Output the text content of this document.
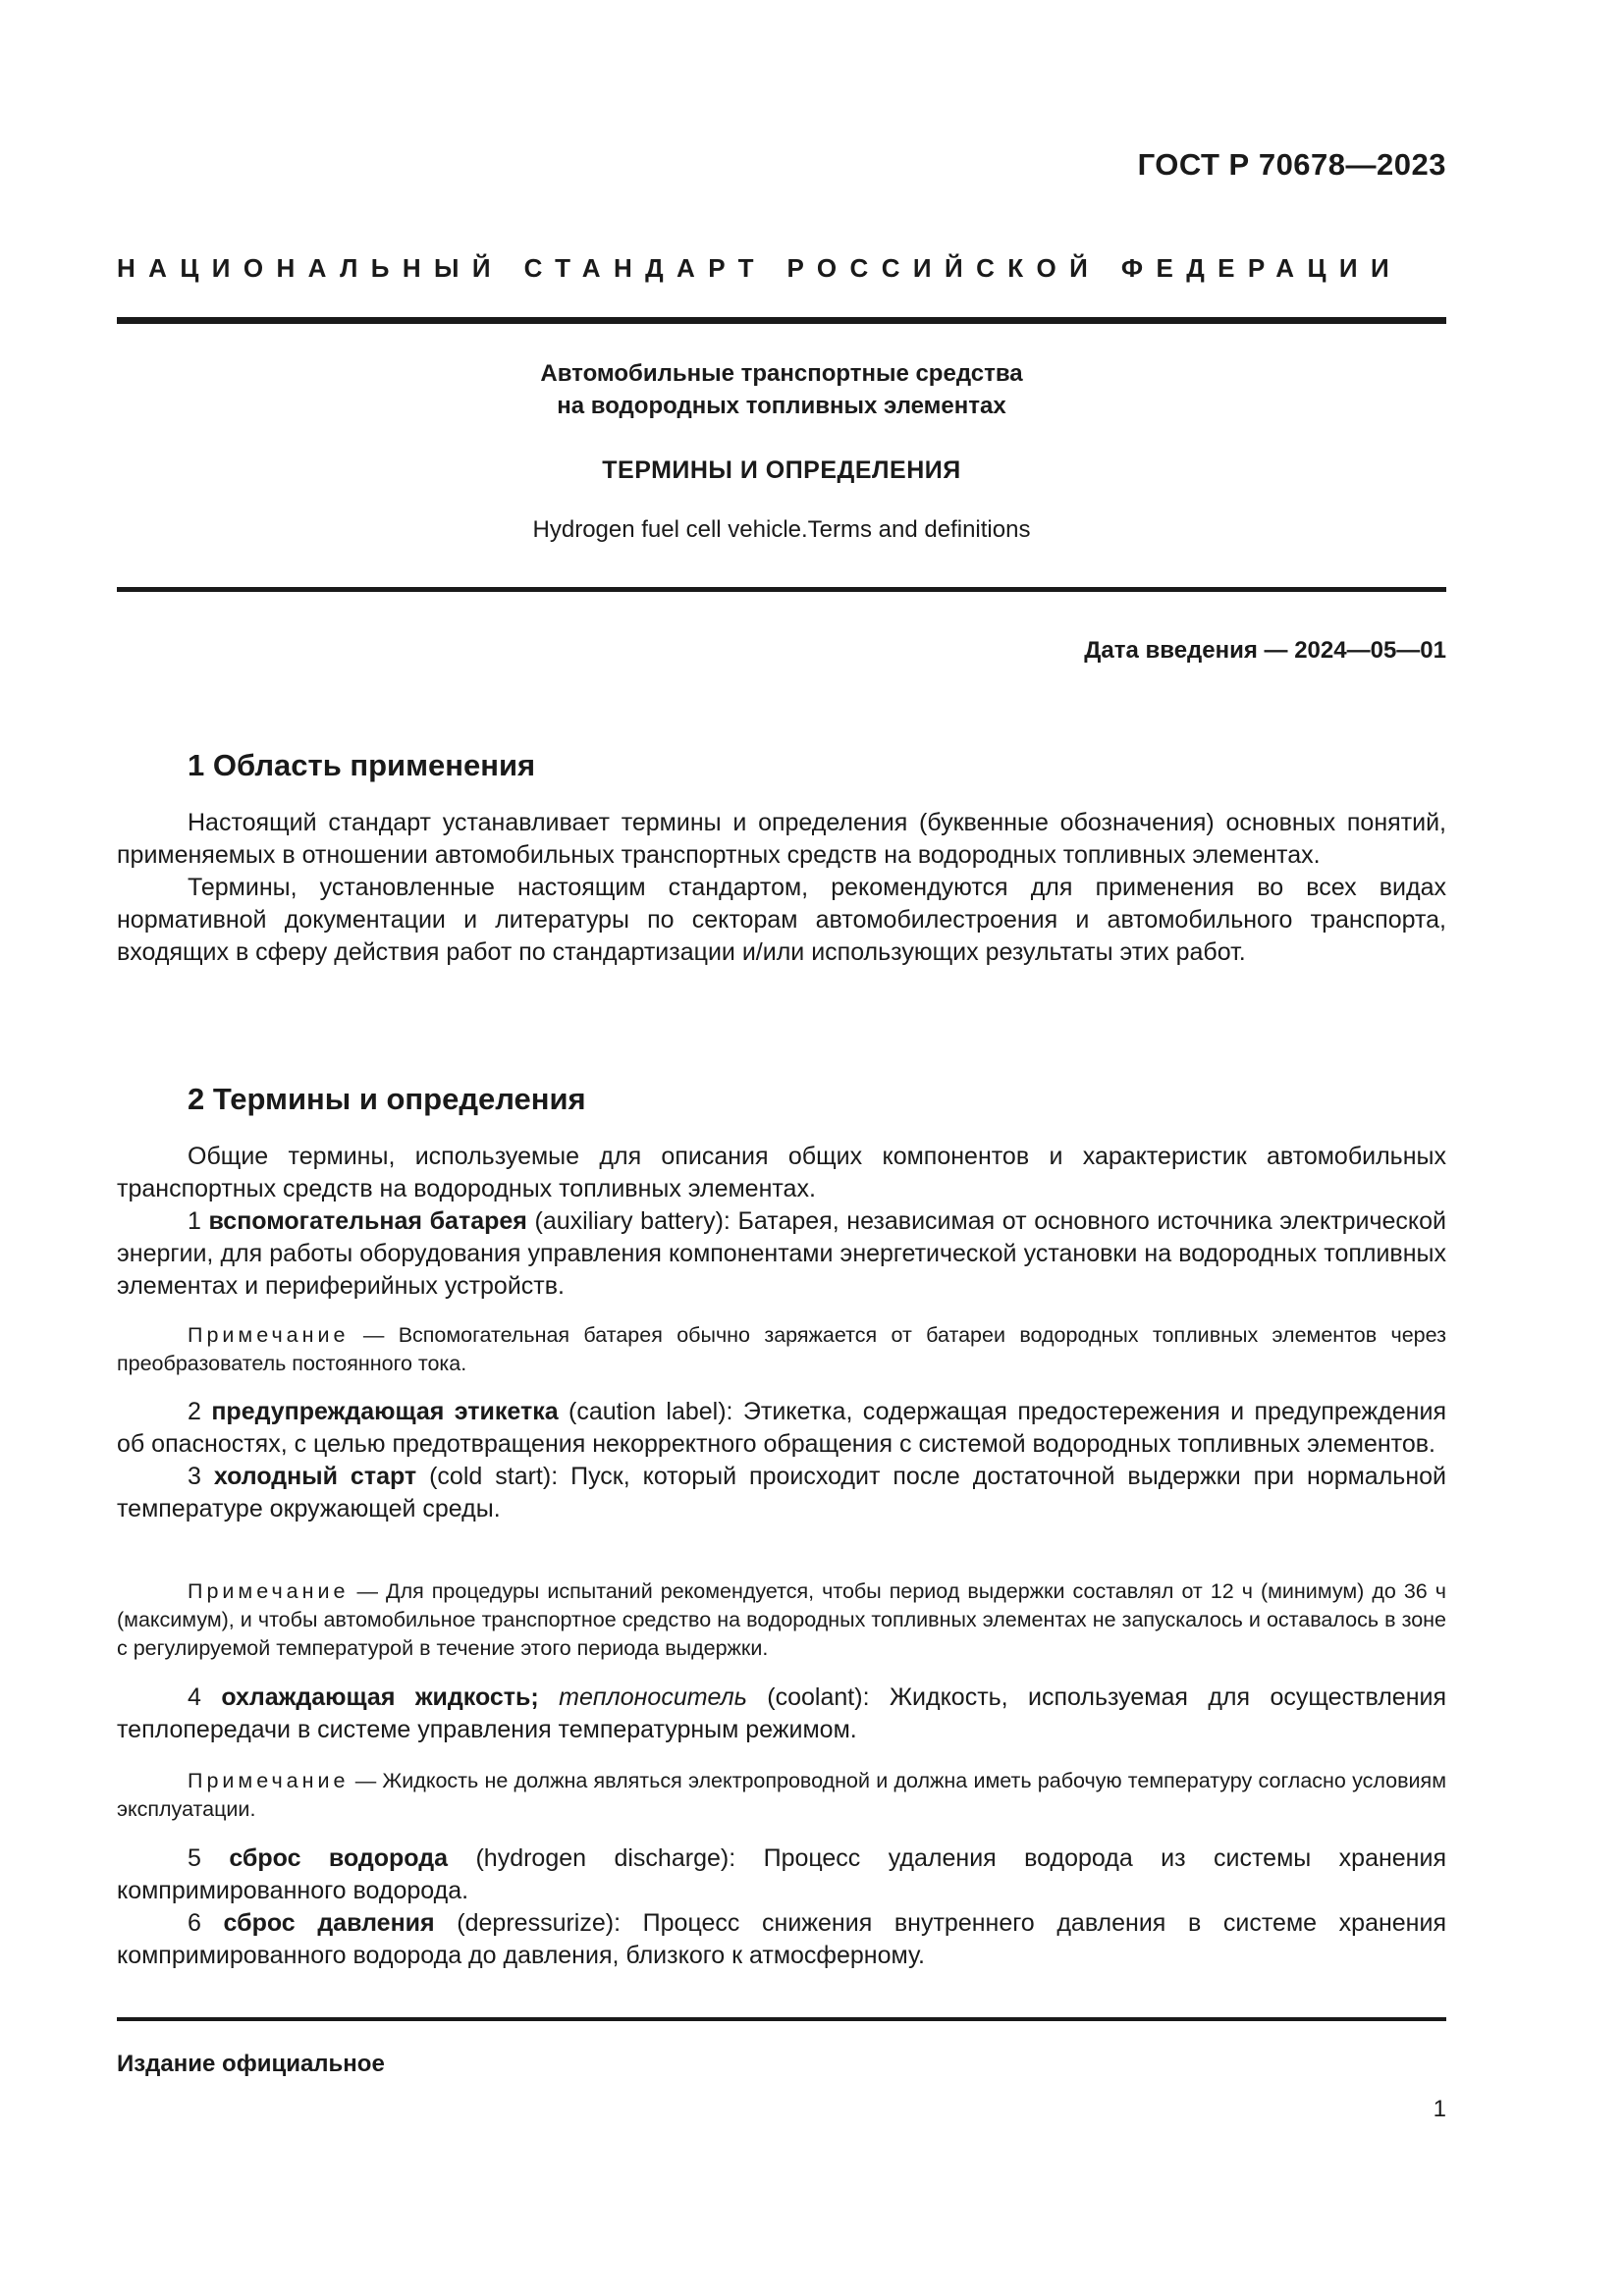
ГОСТ Р 70678—2023
НАЦИОНАЛЬНЫЙ СТАНДАРТ РОССИЙСКОЙ ФЕДЕРАЦИИ
Автомобильные транспортные средства
на водородных топливных элементах
ТЕРМИНЫ И ОПРЕДЕЛЕНИЯ
Hydrogen fuel cell vehicle.Terms and definitions
Дата введения — 2024—05—01
1 Область применения

Настоящий стандарт устанавливает термины и определения (буквенные обозначения) основных понятий, применяемых в отношении автомобильных транспортных средств на водородных топливных элементах.

Термины, установленные настоящим стандартом, рекомендуются для применения во всех видах нормативной документации и литературы по секторам автомобилестроения и автомобильного транспорта, входящих в сферу действия работ по стандартизации и/или использующих результаты этих работ.

2 Термины и определения

Общие термины, используемые для описания общих компонентов и характеристик автомобильных транспортных средств на водородных топливных элементах.

1 вспомогательная батарея (auxiliary battery): Батарея, независимая от основного источника электрической энергии, для работы оборудования управления компонентами энергетической установки на водородных топливных элементах и периферийных устройств.

Примечание — Вспомогательная батарея обычно заряжается от батареи водородных топливных элементов через преобразователь постоянного тока.

2 предупреждающая этикетка (caution label): Этикетка, содержащая предостережения и предупреждения об опасностях, с целью предотвращения некорректного обращения с системой водородных топливных элементов.

3 холодный старт (cold start): Пуск, который происходит после достаточной выдержки при нормальной температуре окружающей среды.

Примечание — Для процедуры испытаний рекомендуется, чтобы период выдержки составлял от 12 ч (минимум) до 36 ч (максимум), и чтобы автомобильное транспортное средство на водородных топливных элементах не запускалось и оставалось в зоне с регулируемой температурой в течение этого периода выдержки.

4 охлаждающая жидкость; теплоноситель (coolant): Жидкость, используемая для осуществления теплопередачи в системе управления температурным режимом.

Примечание — Жидкость не должна являться электропроводной и должна иметь рабочую температуру согласно условиям эксплуатации.

5 сброс водорода (hydrogen discharge): Процесс удаления водорода из системы хранения компримированного водорода.

6 сброс давления (depressurize): Процесс снижения внутреннего давления в системе хранения компримированного водорода до давления, близкого к атмосферному.

Издание официальное
1
